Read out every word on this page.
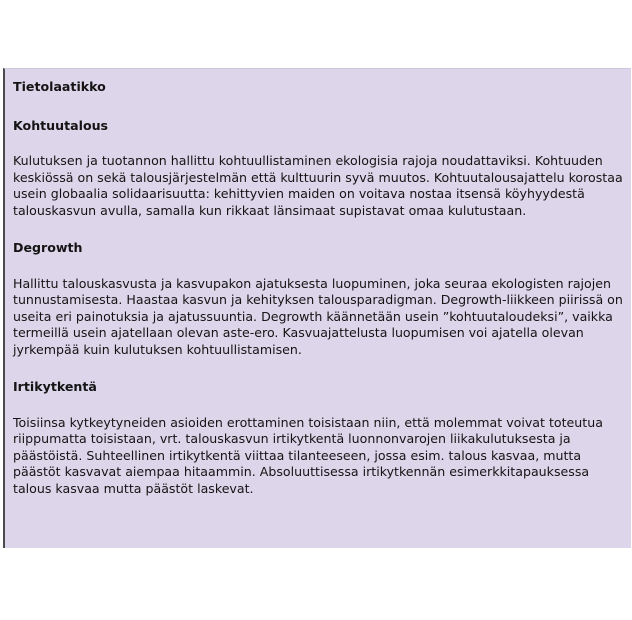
Tietolaatikko
Kohtuutalous
Kulutuksen ja tuotannon hallittu kohtuullistaminen ekologisia rajoja noudattaviksi. Kohtuuden keskiössä on sekä talousjärjestelmän että kulttuurin syvä muutos. Kohtuutalousajattelu korostaa usein globaalia solidaarisuutta: kehittyvien maiden on voitava nostaa itsensä köyhyydestä talouskasvun avulla, samalla kun rikkaat länsimaat supistavat omaa kulutustaan.
Degrowth
Hallittu talouskasvusta ja kasvupakon ajatuksesta luopuminen, joka seuraa ekologisten rajojen tunnustamisesta. Haastaa kasvun ja kehityksen talousparadigman. Degrowth-liikkeen piirissä on useita eri painotuksia ja ajatussuuntia. Degrowth käännetään usein ”kohtuutaloudeksi”, vaikka termeillä usein ajatellaan olevan aste-ero. Kasvuajattelusta luopumisen voi ajatella olevan jyrkempää kuin kulutuksen kohtuullistamisen.
Irtikytkentä
Toisiinsa kytkeytyneiden asioiden erottaminen toisistaan niin, että molemmat voivat toteutua riippumatta toisistaan, vrt. talouskasvun irtikytkentä luonnonvarojen liikakulutuksesta ja päästöistä. Suhteellinen irtikytkentä viittaa tilanteeseen, jossa esim. talous kasvaa, mutta päästöt kasvavat aiempaa hitaammin. Absoluuttisessa irtikytkennän esimerkkitapauksessa talous kasvaa mutta päästöt laskevat.
